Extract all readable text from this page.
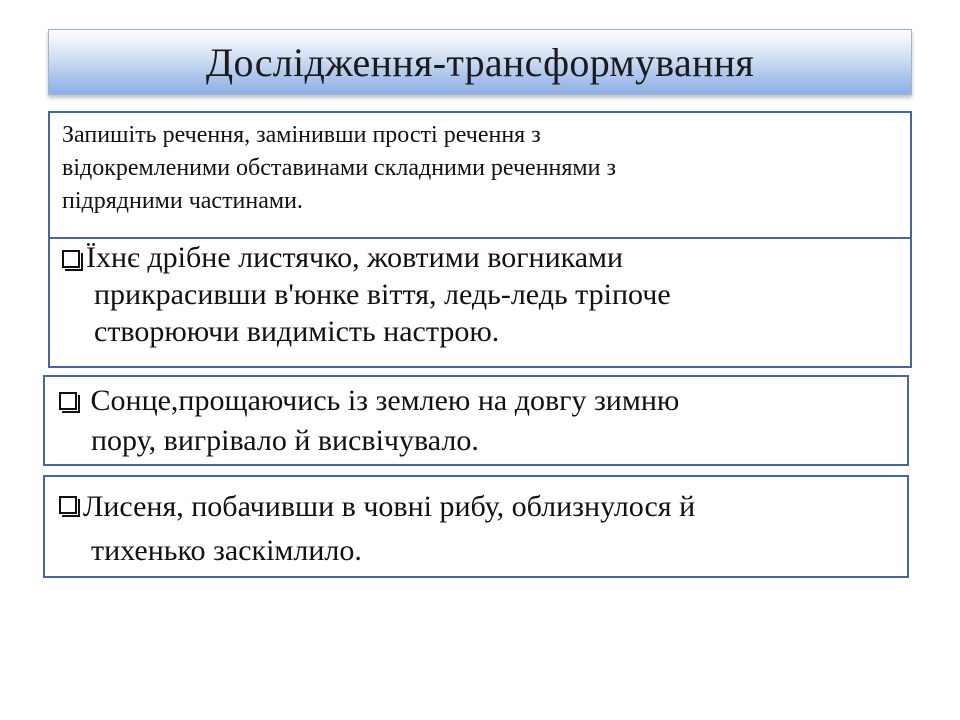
Дослідження-трансформування
Їхнє дрібне листячко, жовтими вогниками
прикрасивши в'юнке віття, ледь-ледь тріпоче
створюючи видимість настрою.
Запишіть речення, замінивши прості речення з
відокремленими обставинами складними реченнями з
підрядними частинами.
Сонце,прощаючись із землею на довгу зимню
пору, вигрівало й висвічувало.
Лисеня, побачивши в човні рибу, облизнулося й
тихенько заскімлило.
